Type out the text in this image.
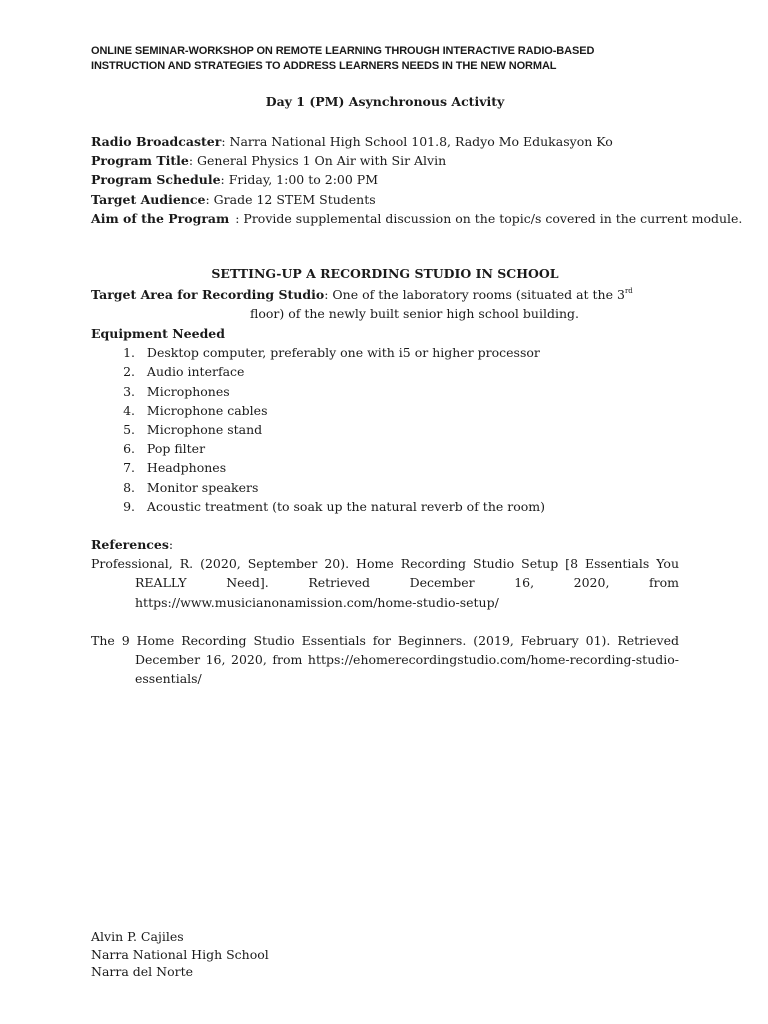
ONLINE SEMINAR-WORKSHOP ON REMOTE LEARNING THROUGH INTERACTIVE RADIO-BASED
INSTRUCTION AND STRATEGIES TO ADDRESS LEARNERS NEEDS IN THE NEW NORMAL
Day 1 (PM) Asynchronous Activity
Radio Broadcaster: Narra National High School 101.8, Radyo Mo Edukasyon Ko
Program Title: General Physics 1 On Air with Sir Alvin
Program Schedule: Friday, 1:00 to 2:00 PM
Target Audience: Grade 12 STEM Students
Aim of the Program : Provide supplemental discussion on the topic/s covered in the current module.
SETTING-UP A RECORDING STUDIO IN SCHOOL
Target Area for Recording Studio: One of the laboratory rooms (situated at the 3rd
floor) of the newly built senior high school building.
Equipment Needed
1.
Desktop computer, preferably one with i5 or higher processor
2.
Audio interface
3.
Microphones
4.
Microphone cables
5.
Microphone stand
6.
Pop filter
7.
Headphones
8.
Monitor speakers
9.
Acoustic treatment (to soak up the natural reverb of the room)
References:

Professional, R. (2020, September 20). Home Recording Studio Setup [8 Essentials You REALLY Need]. Retrieved December 16, 2020, from https://www.musicianonamission.com/home-studio-setup/

The 9 Home Recording Studio Essentials for Beginners. (2019, February 01). Retrieved December 16, 2020, from https://ehomerecordingstudio.com/home-recording-studio-essentials/

Alvin P. Cajiles
Narra National High School
Narra del Norte
